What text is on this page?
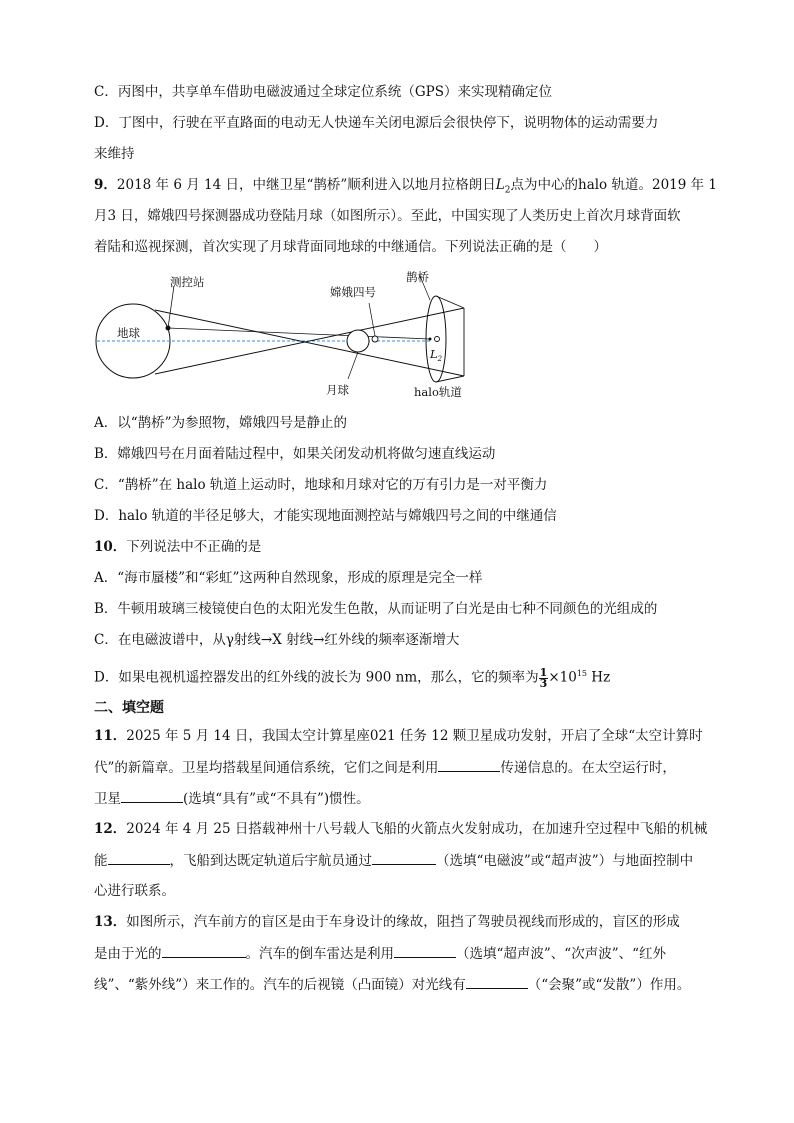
C．丙图中，共享单车借助电磁波通过全球定位系统（GPS）来实现精确定位
D．丁图中，行驶在平直路面的电动无人快递车关闭电源后会很快停下，说明物体的运动需要力
来维持
9．2018 年 6 月 14 日，中继卫星“鹊桥”顺利进入以地月拉格朗日$L_2$点为中心的halo 轨道。2019 年 1
月3 日，嫦娥四号探测器成功登陆月球（如图所示）。至此，中国实现了人类历史上首次月球背面软
着陆和巡视探测，首次实现了月球背面同地球的中继通信。下列说法正确的是（　　）
地球
测控站
嫦娥四号
鹊桥
月球
$L_2$
halo轨道
A．以“鹊桥”为参照物，嫦娥四号是静止的
B．嫦娥四号在月面着陆过程中，如果关闭发动机将做匀速直线运动
C．“鹊桥”在 halo 轨道上运动时，地球和月球对它的万有引力是一对平衡力
D．halo 轨道的半径足够大，才能实现地面测控站与嫦娥四号之间的中继通信
10．下列说法中不正确的是
A．“海市蜃楼”和“彩虹”这两种自然现象，形成的原理是完全一样
B．牛顿用玻璃三棱镜使白色的太阳光发生色散，从而证明了白光是由七种不同颜色的光组成的
C．在电磁波谱中，从γ射线→X 射线→红外线的频率逐渐增大
D．如果电视机遥控器发出的红外线的波长为 900 nm，那么，它的频率为 $\frac{1}{3} \times 10^{15}$ Hz
二、填空题
11．2025 年 5 月 14 日，我国太空计算星座021 任务 12 颗卫星成功发射，开启了全球“太空计算时
代”的新篇章。卫星均搭载星间通信系统，它们之间是利用	传递信息的。在太空运行时，
卫星	(选填“具有”或“不具有”)惯性。
12．2024 年 4 月 25 日搭载神州十八号载人飞船的火箭点火发射成功，在加速升空过程中飞船的机械
能	，飞船到达既定轨道后宇航员通过	（选填“电磁波”或“超声波”）与地面控制中
心进行联系。
13．如图所示，汽车前方的盲区是由于车身设计的缘故，阻挡了驾驶员视线而形成的，盲区的形成
是由于光的	。汽车的倒车雷达是利用	（选填“超声波”、“次声波”、“红外
线”、“紫外线”）来工作的。汽车的后视镜（凸面镜）对光线有	（“会聚”或“发散”）作用。
